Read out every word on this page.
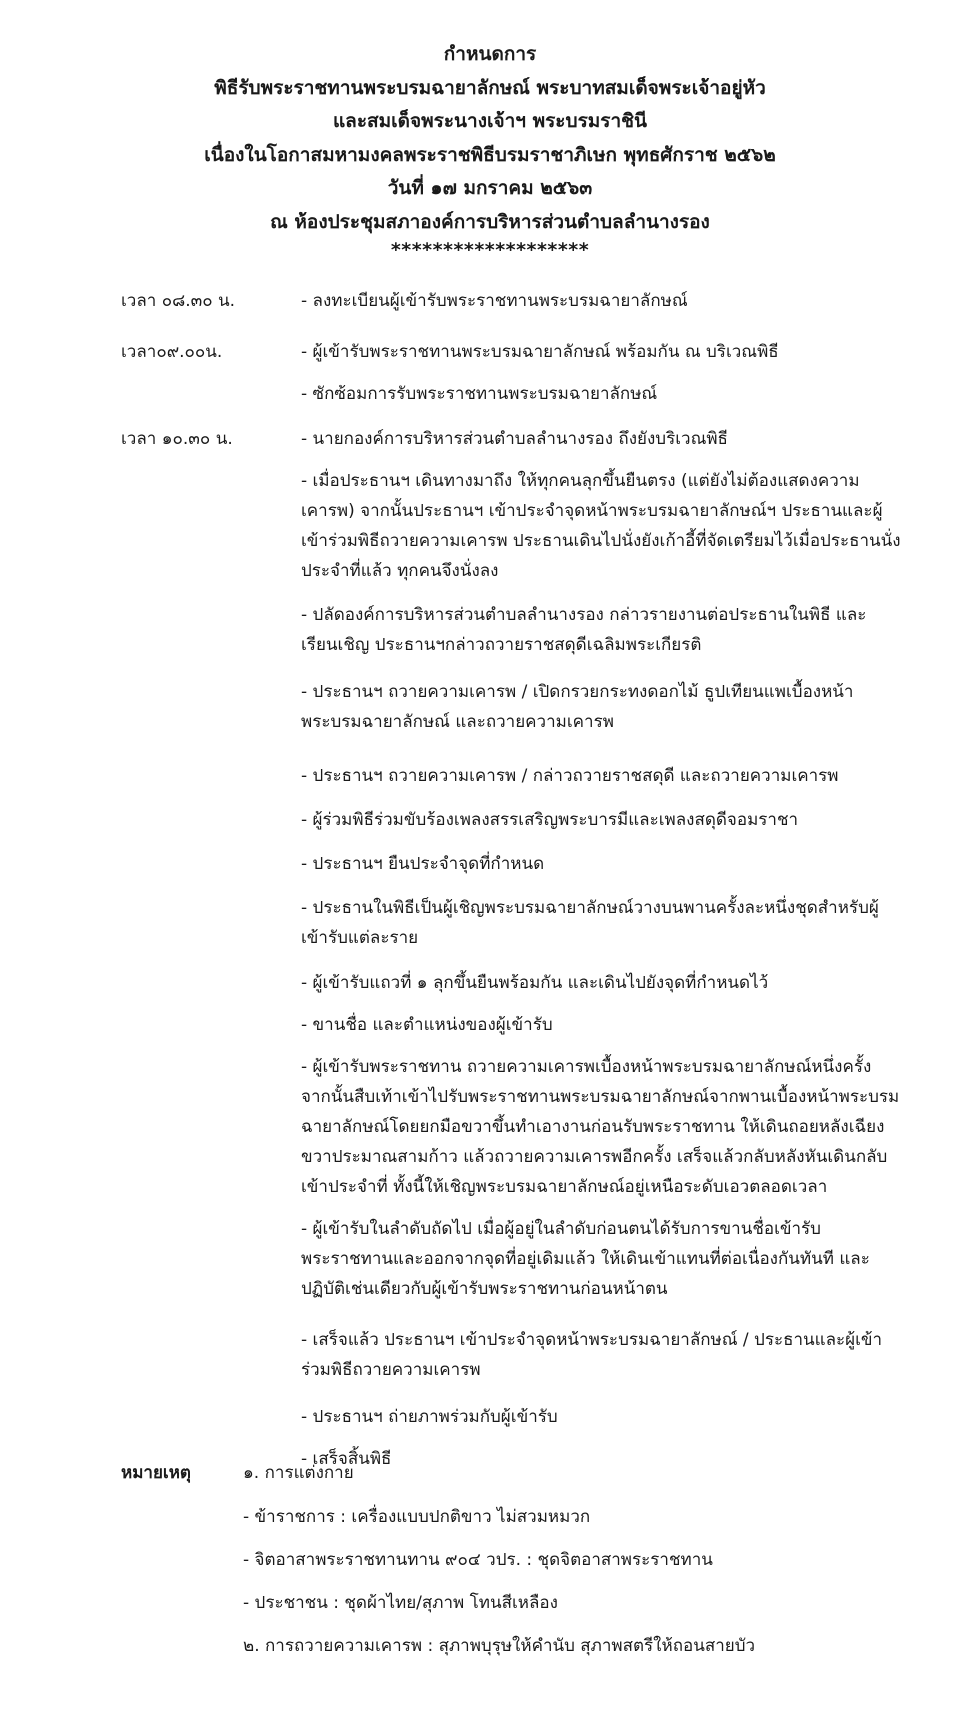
กำหนดการ
พิธีรับพระราชทานพระบรมฉายาลักษณ์ พระบาทสมเด็จพระเจ้าอยู่หัว
และสมเด็จพระนางเจ้าฯ พระบรมราชินี
เนื่องในโอกาสมหามงคลพระราชพิธีบรมราชาภิเษก พุทธศักราช ๒๕๖๒
วันที่ ๑๗ มกราคม ๒๕๖๓
ณ ห้องประชุมสภาองค์การบริหารส่วนตำบลลำนางรอง
*******************
เวลา ๐๘.๓๐ น.
เวลา๐๙.๐๐น.
เวลา ๑๐.๓๐ น.
- ลงทะเบียนผู้เข้ารับพระราชทานพระบรมฉายาลักษณ์
- ผู้เข้ารับพระราชทานพระบรมฉายาลักษณ์ พร้อมกัน ณ บริเวณพิธี
- ซักซ้อมการรับพระราชทานพระบรมฉายาลักษณ์
- นายกองค์การบริหารส่วนตำบลลำนางรอง ถึงยังบริเวณพิธี
- เมื่อประธานฯ เดินทางมาถึง ให้ทุกคนลุกขึ้นยืนตรง (แต่ยังไม่ต้องแสดงความเคารพ) จากนั้นประธานฯ เข้าประจำจุดหน้าพระบรมฉายาลักษณ์ฯ ประธานและผู้เข้าร่วมพิธีถวายความเคารพ ประธานเดินไปนั่งยังเก้าอี้ที่จัดเตรียมไว้เมื่อประธานนั่งประจำที่แล้ว ทุกคนจึงนั่งลง
- ปลัดองค์การบริหารส่วนตำบลลำนางรอง กล่าวรายงานต่อประธานในพิธี และเรียนเชิญ ประธานฯกล่าวถวายราชสดุดีเฉลิมพระเกียรติ
- ประธานฯ ถวายความเคารพ / เปิดกรวยกระทงดอกไม้ ธูปเทียนแพเบื้องหน้าพระบรมฉายาลักษณ์ และถวายความเคารพ
- ประธานฯ ถวายความเคารพ / กล่าวถวายราชสดุดี และถวายความเคารพ
- ผู้ร่วมพิธีร่วมขับร้องเพลงสรรเสริญพระบารมีและเพลงสดุดีจอมราชา
- ประธานฯ ยืนประจำจุดที่กำหนด
- ประธานในพิธีเป็นผู้เชิญพระบรมฉายาลักษณ์วางบนพานครั้งละหนึ่งชุดสำหรับผู้เข้ารับแต่ละราย
- ผู้เข้ารับแถวที่ ๑ ลุกขึ้นยืนพร้อมกัน และเดินไปยังจุดที่กำหนดไว้
- ขานชื่อ และตำแหน่งของผู้เข้ารับ
- ผู้เข้ารับพระราชทาน ถวายความเคารพเบื้องหน้าพระบรมฉายาลักษณ์หนึ่งครั้ง จากนั้นสืบเท้าเข้าไปรับพระราชทานพระบรมฉายาลักษณ์จากพานเบื้องหน้าพระบรมฉายาลักษณ์โดยยกมือขวาขึ้นทำเอางานก่อนรับพระราชทาน ให้เดินถอยหลังเฉียงขวาประมาณสามก้าว แล้วถวายความเคารพอีกครั้ง เสร็จแล้วกลับหลังหันเดินกลับเข้าประจำที่ ทั้งนี้ให้เชิญพระบรมฉายาลักษณ์อยู่เหนือระดับเอวตลอดเวลา
- ผู้เข้ารับในลำดับถัดไป เมื่อผู้อยู่ในลำดับก่อนตนได้รับการขานชื่อเข้ารับพระราชทานและออกจากจุดที่อยู่เดิมแล้ว ให้เดินเข้าแทนที่ต่อเนื่องกันทันที และปฏิบัติเช่นเดียวกับผู้เข้ารับพระราชทานก่อนหน้าตน
- เสร็จแล้ว ประธานฯ เข้าประจำจุดหน้าพระบรมฉายาลักษณ์ / ประธานและผู้เข้าร่วมพิธีถวายความเคารพ
- ประธานฯ ถ่ายภาพร่วมกับผู้เข้ารับ
หมายเหตุ	๑. การแต่งกาย
- ข้าราชการ : เครื่องแบบปกติขาว ไม่สวมหมวก
- จิตอาสาพระราชทานทาน ๙๐๔ วปร. : ชุดจิตอาสาพระราชทาน
- ประชาชน : ชุดผ้าไทย/สุภาพ โทนสีเหลือง
๒. การถวายความเคารพ : สุภาพบุรุษให้คำนับ สุภาพสตรีให้ถอนสายบัว
- เสร็จสิ้นพิธี
